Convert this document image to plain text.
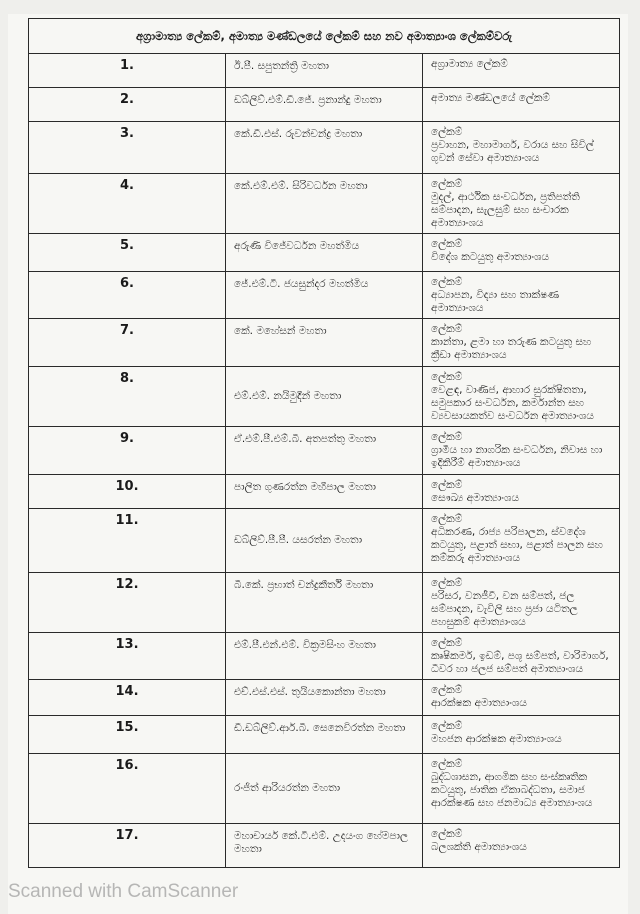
අග්‍රාමාත්‍ය ලේකම්, අමාත්‍ය මණ්ඩලයේ ලේකම් සහ නව අමාත්‍යාංශ ලේකම්වරු		
1.	ඊ.පී. සපුතන්ත්‍රි මහතා	අග්‍රාමාත්‍ය ලේකම්
2.	ඩබ්ලිව්.එම්.ඩී.ජේ. ප්‍රනාන්දු මහතා	අමාත්‍ය මණ්ඩලයේ ලේකම්
3.	කේ.ඩී.එස්. රුවන්චන්ද්‍ර මහතා	ලේකම්
ප්‍රවාහන, මහාමාර්ග, වරාය සහ සිවිල් ගුවන් සේවා අමාත්‍යාංශය
4.	කේ.එම්.එම්. සිරිවර්ධන මහතා	ලේකම්
මුදල්, ආර්ථික සංවර්ධන, ප්‍රතිපත්ති සම්පාදන, සැලසුම් සහ සංචාරක අමාත්‍යාංශය
5.	අරුණි විජේවර්ධන මහත්මිය	ලේකම්
විදේශ කටයුතු අමාත්‍යාංශය
6.	ජේ.එම්.ටී. ජයසුන්දර මහත්මිය	ලේකම්
අධ්‍යාපන, විද්‍යා සහ තාක්ෂණ අමාත්‍යාංශය
7.	කේ. මහේසන් මහතා	ලේකම්
කාන්තා, ළමා හා තරුණ කටයුතු සහ ක්‍රීඩා අමාත්‍යාංශය
8.	එම්.එම්. නයිමුදීන් මහතා	ලේකම්
වෙළඳ, වාණිජ, ආහාර සුරක්ෂිතතා, සමුපකාර සංවර්ධන, කර්මාන්ත සහ ව්‍යවසායකත්ව සංවර්ධන අමාත්‍යාංශය
9.	ඒ.එම්.පී.එම්.බී. අතපත්තු මහතා	ලේකම්
ග්‍රාමීය හා නාගරික සංවර්ධන, නිවාස හා ඉදිකිරීම් අමාත්‍යාංශය
10.	පාලිත ගුණරත්න මහීපාල මහතා	ලේකම්
සෞඛ්‍ය අමාත්‍යාංශය
11.	ඩබ්ලිව්.පී.පී. යසරත්න මහතා	ලේකම්
අධිකරණ, රාජ්‍ය පරිපාලන, ස්වදේශ කටයුතු, පළාත් සභා, පළාත් පාලන සහ කම්කරු අමාත්‍යාංශය
12.	බී.කේ. ප්‍රභාත් චන්ද්‍රකීර්ති මහතා	ලේකම්
පරිසර, වනජීවී, වන සම්පත්, ජල සම්පාදන, වැවිලි සහ ප්‍රජා යටිතල පහසුකම් අමාත්‍යාංශය
13.	එම්.පී.එන්.එම්. වික්‍රමසිංහ මහතා	ලේකම්
කෘෂිකර්ම, ඉඩම්, පශු සම්පත්, වාරිමාර්ග, ධීවර හා ජලජ සම්පත් අමාත්‍යාංශය
14.	එච්.එස්.එස්. තුයියකොන්තා මහතා	ලේකම්
ආරක්ෂක අමාත්‍යාංශය
15.	ඩී.ඩබ්ලිව්.ආර්.බී. සෙනෙවිරත්න මහතා	ලේකම්
මහජන ආරක්ෂක අමාත්‍යාංශය
16.	රංජිත් ආරියරත්න මහතා	ලේකම්
බුද්ධශාසන, ආගමික සහ සංස්කෘතික කටයුතු, ජාතික ඒකාබද්ධතා, සමාජ ආරක්ෂණ සහ ජනමාධ්‍ය අමාත්‍යාංශය
17.	මහාචාර්ය කේ.ටී.එම්. උදයංග හේමපාල මහතා	ලේකම්
බලශක්ති අමාත්‍යාංශය
Scanned with CamScanner
